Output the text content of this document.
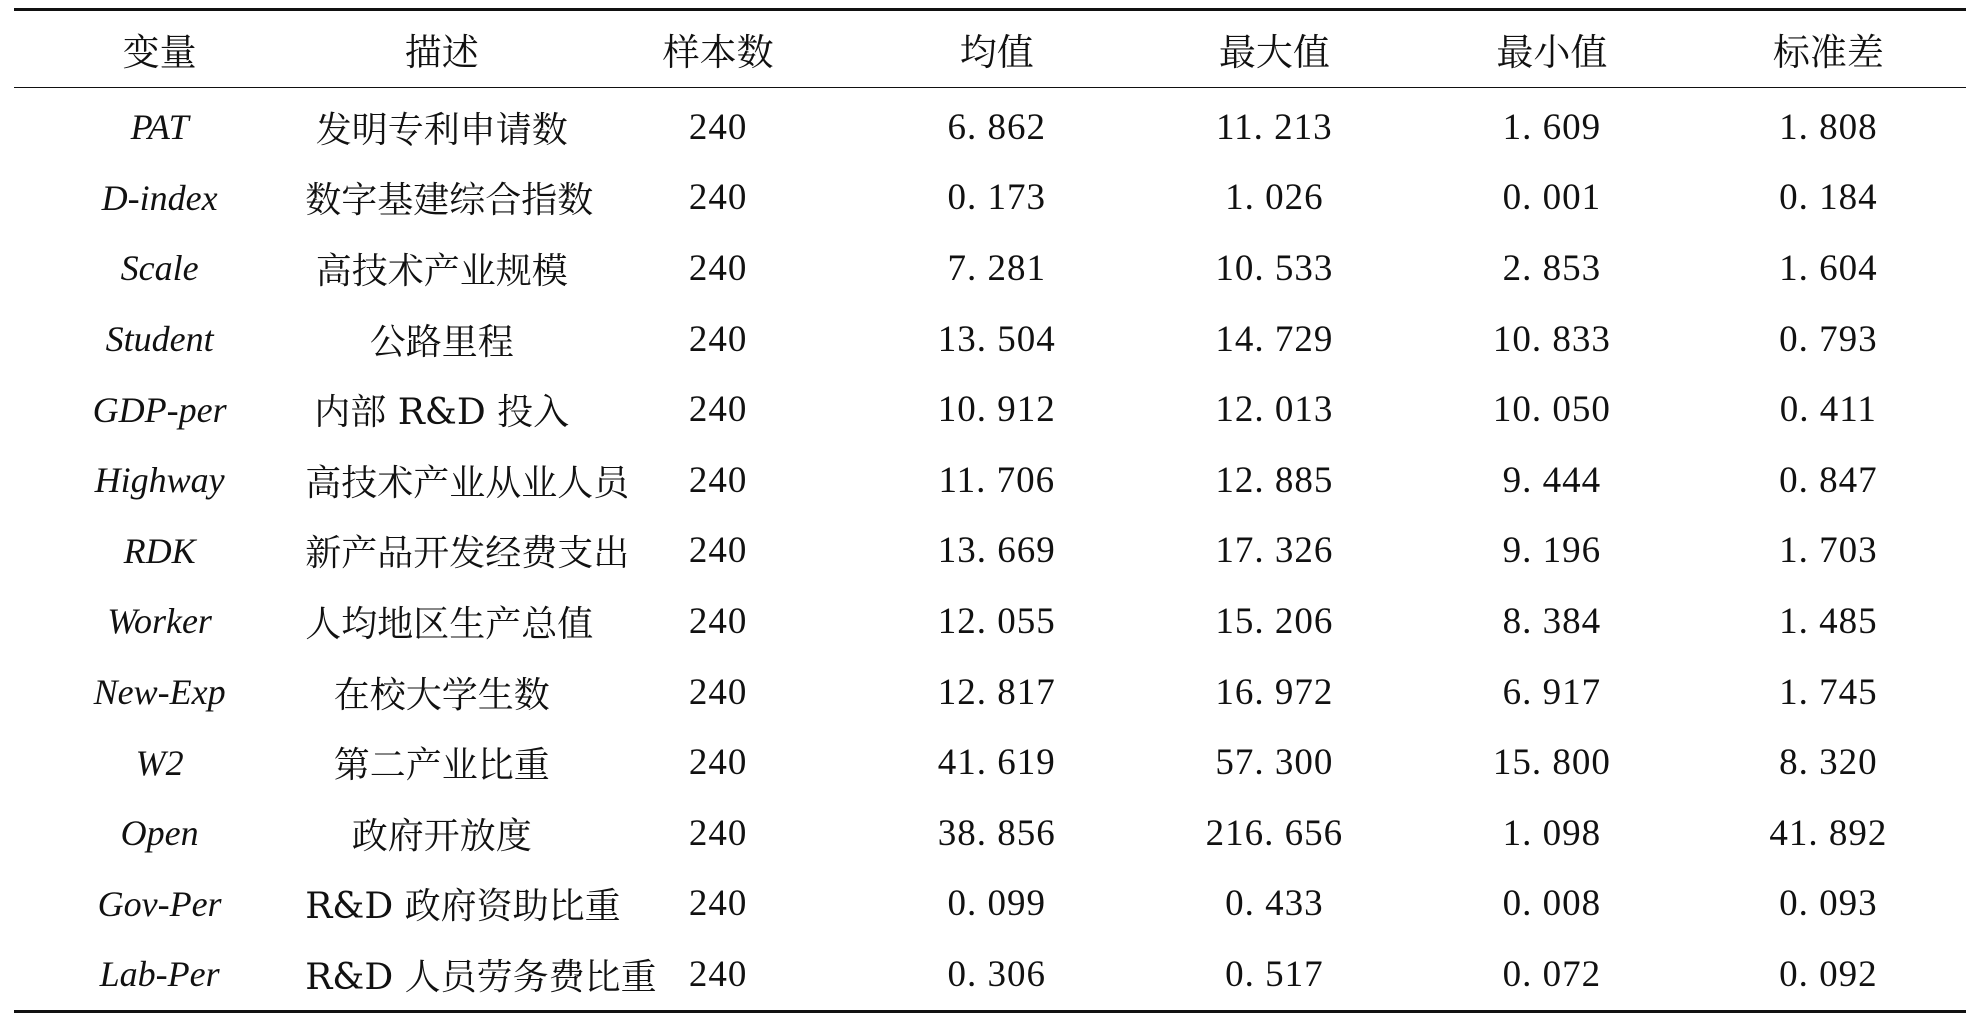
变量	描述	样本数	均值	最大值	最小值	标准差
PAT	发明专利申请数	240	6. 862	11. 213	1. 609	1. 808
D-index	数字基建综合指数	240	0. 173	1. 026	0. 001	0. 184
Scale	高技术产业规模	240	7. 281	10. 533	2. 853	1. 604
Student	公路里程	240	13. 504	14. 729	10. 833	0. 793
GDP-per	内部 R&D 投入	240	10. 912	12. 013	10. 050	0. 411
Highway	高技术产业从业人员	240	11. 706	12. 885	9. 444	0. 847
RDK	新产品开发经费支出	240	13. 669	17. 326	9. 196	1. 703
Worker	人均地区生产总值	240	12. 055	15. 206	8. 384	1. 485
New-Exp	在校大学生数	240	12. 817	16. 972	6. 917	1. 745
W2	第二产业比重	240	41. 619	57. 300	15. 800	8. 320
Open	政府开放度	240	38. 856	216. 656	1. 098	41. 892
Gov-Per	R&D 政府资助比重	240	0. 099	0. 433	0. 008	0. 093
Lab-Per	R&D 人员劳务费比重	240	0. 306	0. 517	0. 072	0. 092
